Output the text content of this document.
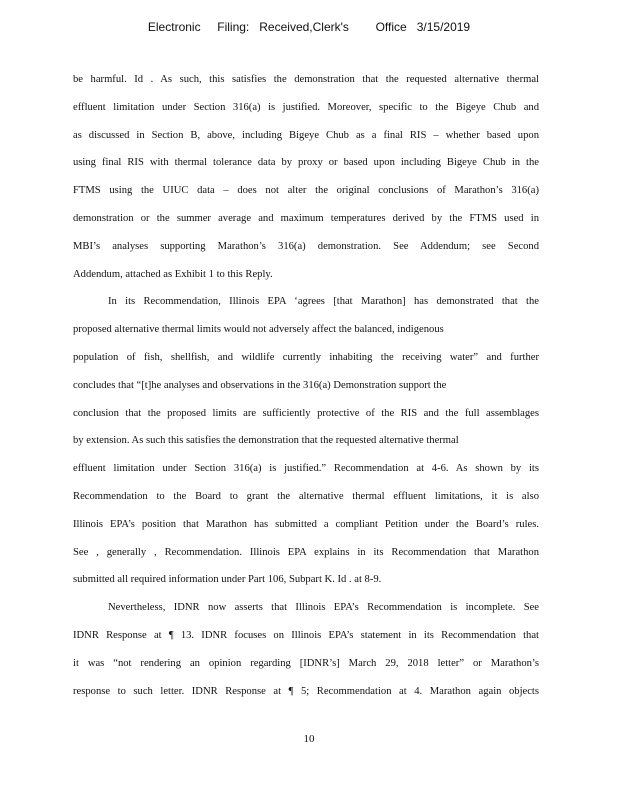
Electronic     Filing:   Received,Clerk's        Office   3/15/2019
be harmful. Id . As such, this satisfies the demonstration that the requested alternative thermal
effluent limitation under Section 316(a) is justified. Moreover, specific to the Bigeye Chub and
as discussed in Section B, above, including Bigeye Chub as a final RIS – whether based upon
using final RIS with thermal tolerance data by proxy or based upon including Bigeye Chub in the
FTMS using the UIUC data – does not alter the original conclusions of Marathon’s 316(a)
demonstration or the summer average and maximum temperatures derived by the FTMS used in
MBI’s analyses supporting Marathon’s 316(a) demonstration. See Addendum; see Second
Addendum, attached as Exhibit 1 to this Reply.
In its Recommendation, Illinois EPA ‘agrees [that Marathon] has demonstrated that the
proposed alternative thermal limits would not adversely affect the balanced, indigenous
population of fish, shellfish, and wildlife currently inhabiting the receiving water” and further
concludes that “[t]he analyses and observations in the 316(a) Demonstration support the
conclusion that the proposed limits are sufficiently protective of the RIS and the full assemblages
by extension. As such this satisfies the demonstration that the requested alternative thermal
effluent limitation under Section 316(a) is justified.” Recommendation at 4-6. As shown by its
Recommendation to the Board to grant the alternative thermal effluent limitations, it is also
Illinois EPA’s position that Marathon has submitted a compliant Petition under the Board’s rules.
See , generally , Recommendation. Illinois EPA explains in its Recommendation that Marathon
submitted all required information under Part 106, Subpart K. Id . at 8-9.
Nevertheless, IDNR now asserts that Illinois EPA’s Recommendation is incomplete. See
IDNR Response at ¶ 13. IDNR focuses on Illinois EPA’s statement in its Recommendation that
it was “not rendering an opinion regarding [IDNR’s] March 29, 2018 letter” or Marathon’s
response to such letter. IDNR Response at ¶ 5; Recommendation at 4. Marathon again objects
10
